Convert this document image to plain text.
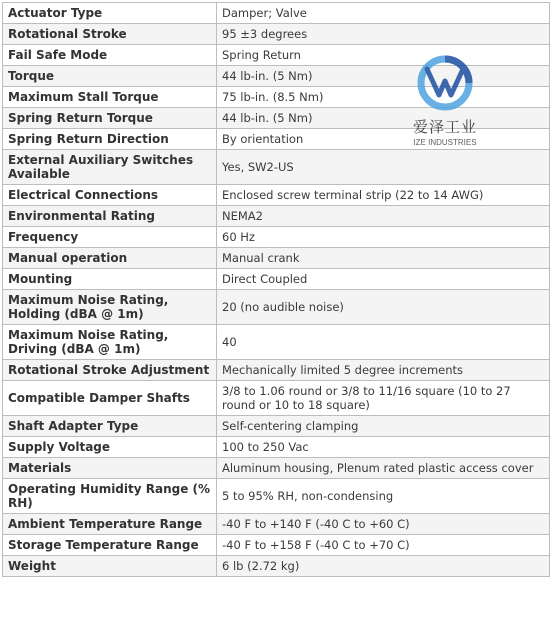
Actuator Type	Damper; Valve
Rotational Stroke	95 ±3 degrees
Fail Safe Mode	Spring Return
Torque	44 lb-in. (5 Nm)
Maximum Stall Torque	75 lb-in. (8.5 Nm)
Spring Return Torque	44 lb-in. (5 Nm)
Spring Return Direction	By orientation
External Auxiliary Switches Available	Yes, SW2-US
Electrical Connections	Enclosed screw terminal strip (22 to 14 AWG)
Environmental Rating	NEMA2
Frequency	60 Hz
Manual operation	Manual crank
Mounting	Direct Coupled
Maximum Noise Rating, Holding (dBA @ 1m)	20 (no audible noise)
Maximum Noise Rating, Driving (dBA @ 1m)	40
Rotational Stroke Adjustment	Mechanically limited 5 degree increments
Compatible Damper Shafts	3/8 to 1.06 round or 3/8 to 11/16 square (10 to 27 round or 10 to 18 square)
Shaft Adapter Type	Self-centering clamping
Supply Voltage	100 to 250 Vac
Materials	Aluminum housing, Plenum rated plastic access cover
Operating Humidity Range (% RH)	5 to 95% RH, non-condensing
Ambient Temperature Range	-40 F to +140 F (-40 C to +60 C)
Storage Temperature Range	-40 F to +158 F (-40 C to +70 C)
Weight	6 lb (2.72 kg)
爱泽工业
IZE INDUSTRIES
